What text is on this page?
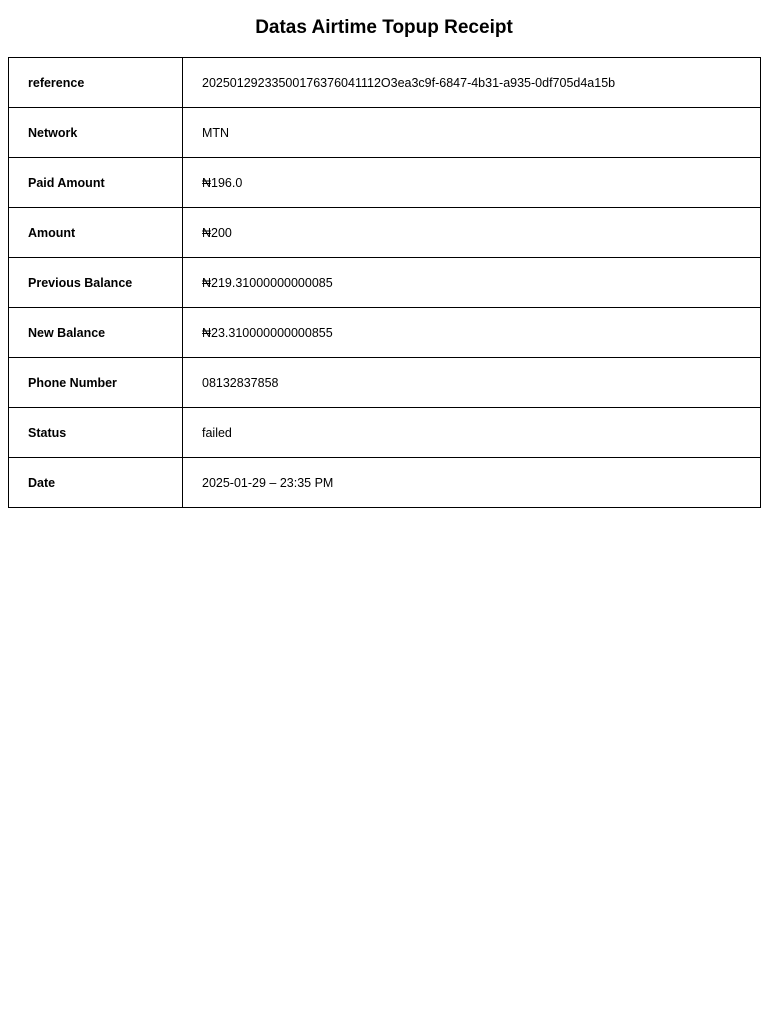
Datas Airtime Topup Receipt
reference	20250129233500176376041112O3ea3c9f-6847-4b31-a935-0df705d4a15b
Network	MTN
Paid Amount	₦196.0
Amount	₦200
Previous Balance	₦219.31000000000085
New Balance	₦23.310000000000855
Phone Number	08132837858
Status	failed
Date	2025-01-29 – 23:35 PM
